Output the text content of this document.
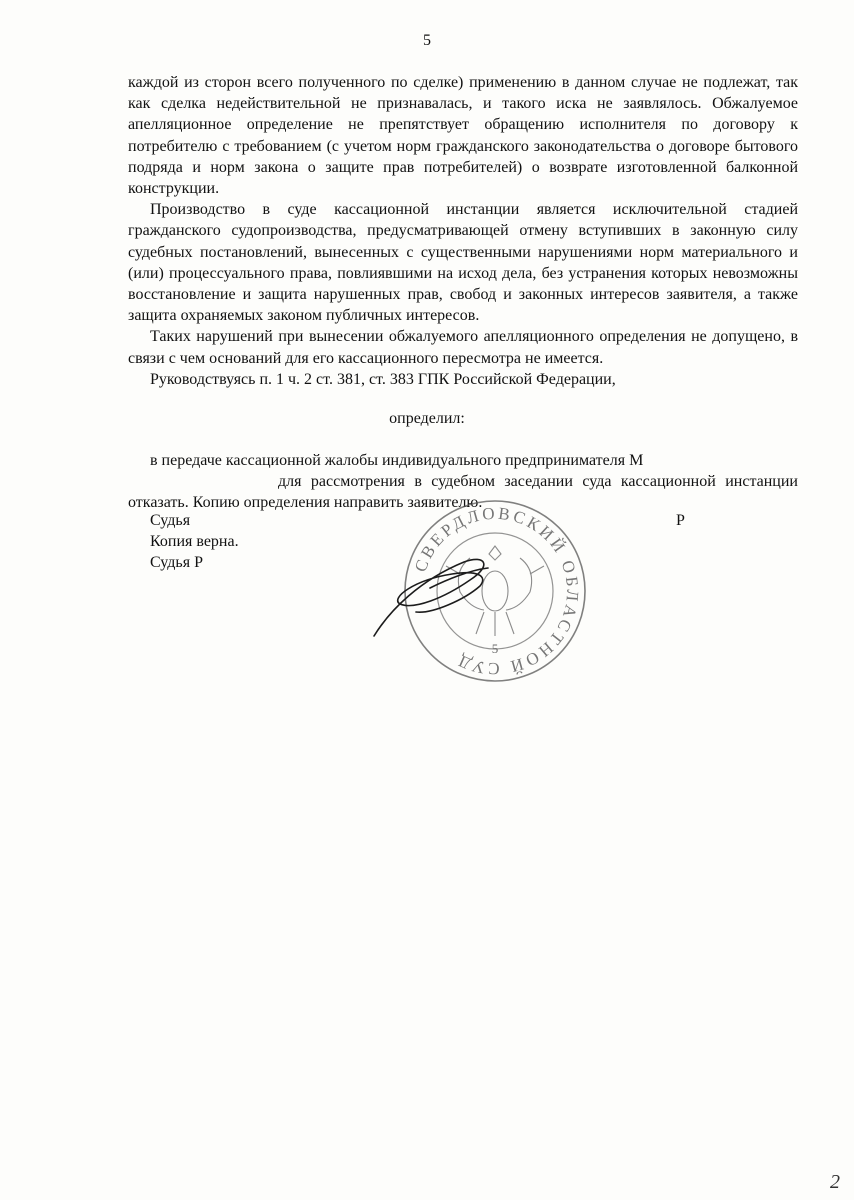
5

каждой из сторон всего полученного по сделке) применению в данном случае не подлежат, так как сделка недействительной не признавалась, и такого иска не заявлялось. Обжалуемое апелляционное определение не препятствует обращению исполнителя по договору к потребителю с требованием (с учетом норм гражданского законодательства о договоре бытового подряда и норм закона о защите прав потребителей) о возврате изготовленной балконной конструкции.

Производство в суде кассационной инстанции является исключительной стадией гражданского судопроизводства, предусматривающей отмену вступивших в законную силу судебных постановлений, вынесенных с существенными нарушениями норм материального и (или) процессуального права, повлиявшими на исход дела, без устранения которых невозможны восстановление и защита нарушенных прав, свобод и законных интересов заявителя, а также защита охраняемых законом публичных интересов.

Таких нарушений при вынесении обжалуемого апелляционного определения не допущено, в связи с чем оснований для его кассационного пересмотра не имеется.

Руководствуясь п. 1 ч. 2 ст. 381, ст. 383 ГПК Российской Федерации,

определил:

в передаче кассационной жалобы индивидуального предпринимателя М
для рассмотрения в судебном заседании суда кассационной инстанции отказать. Копию определения направить заявителю.

Судья	Р
Копия верна.
Судья Р	СВЕРДЛОВСКИЙ ОБЛАСТНОЙ СУД
5
2
